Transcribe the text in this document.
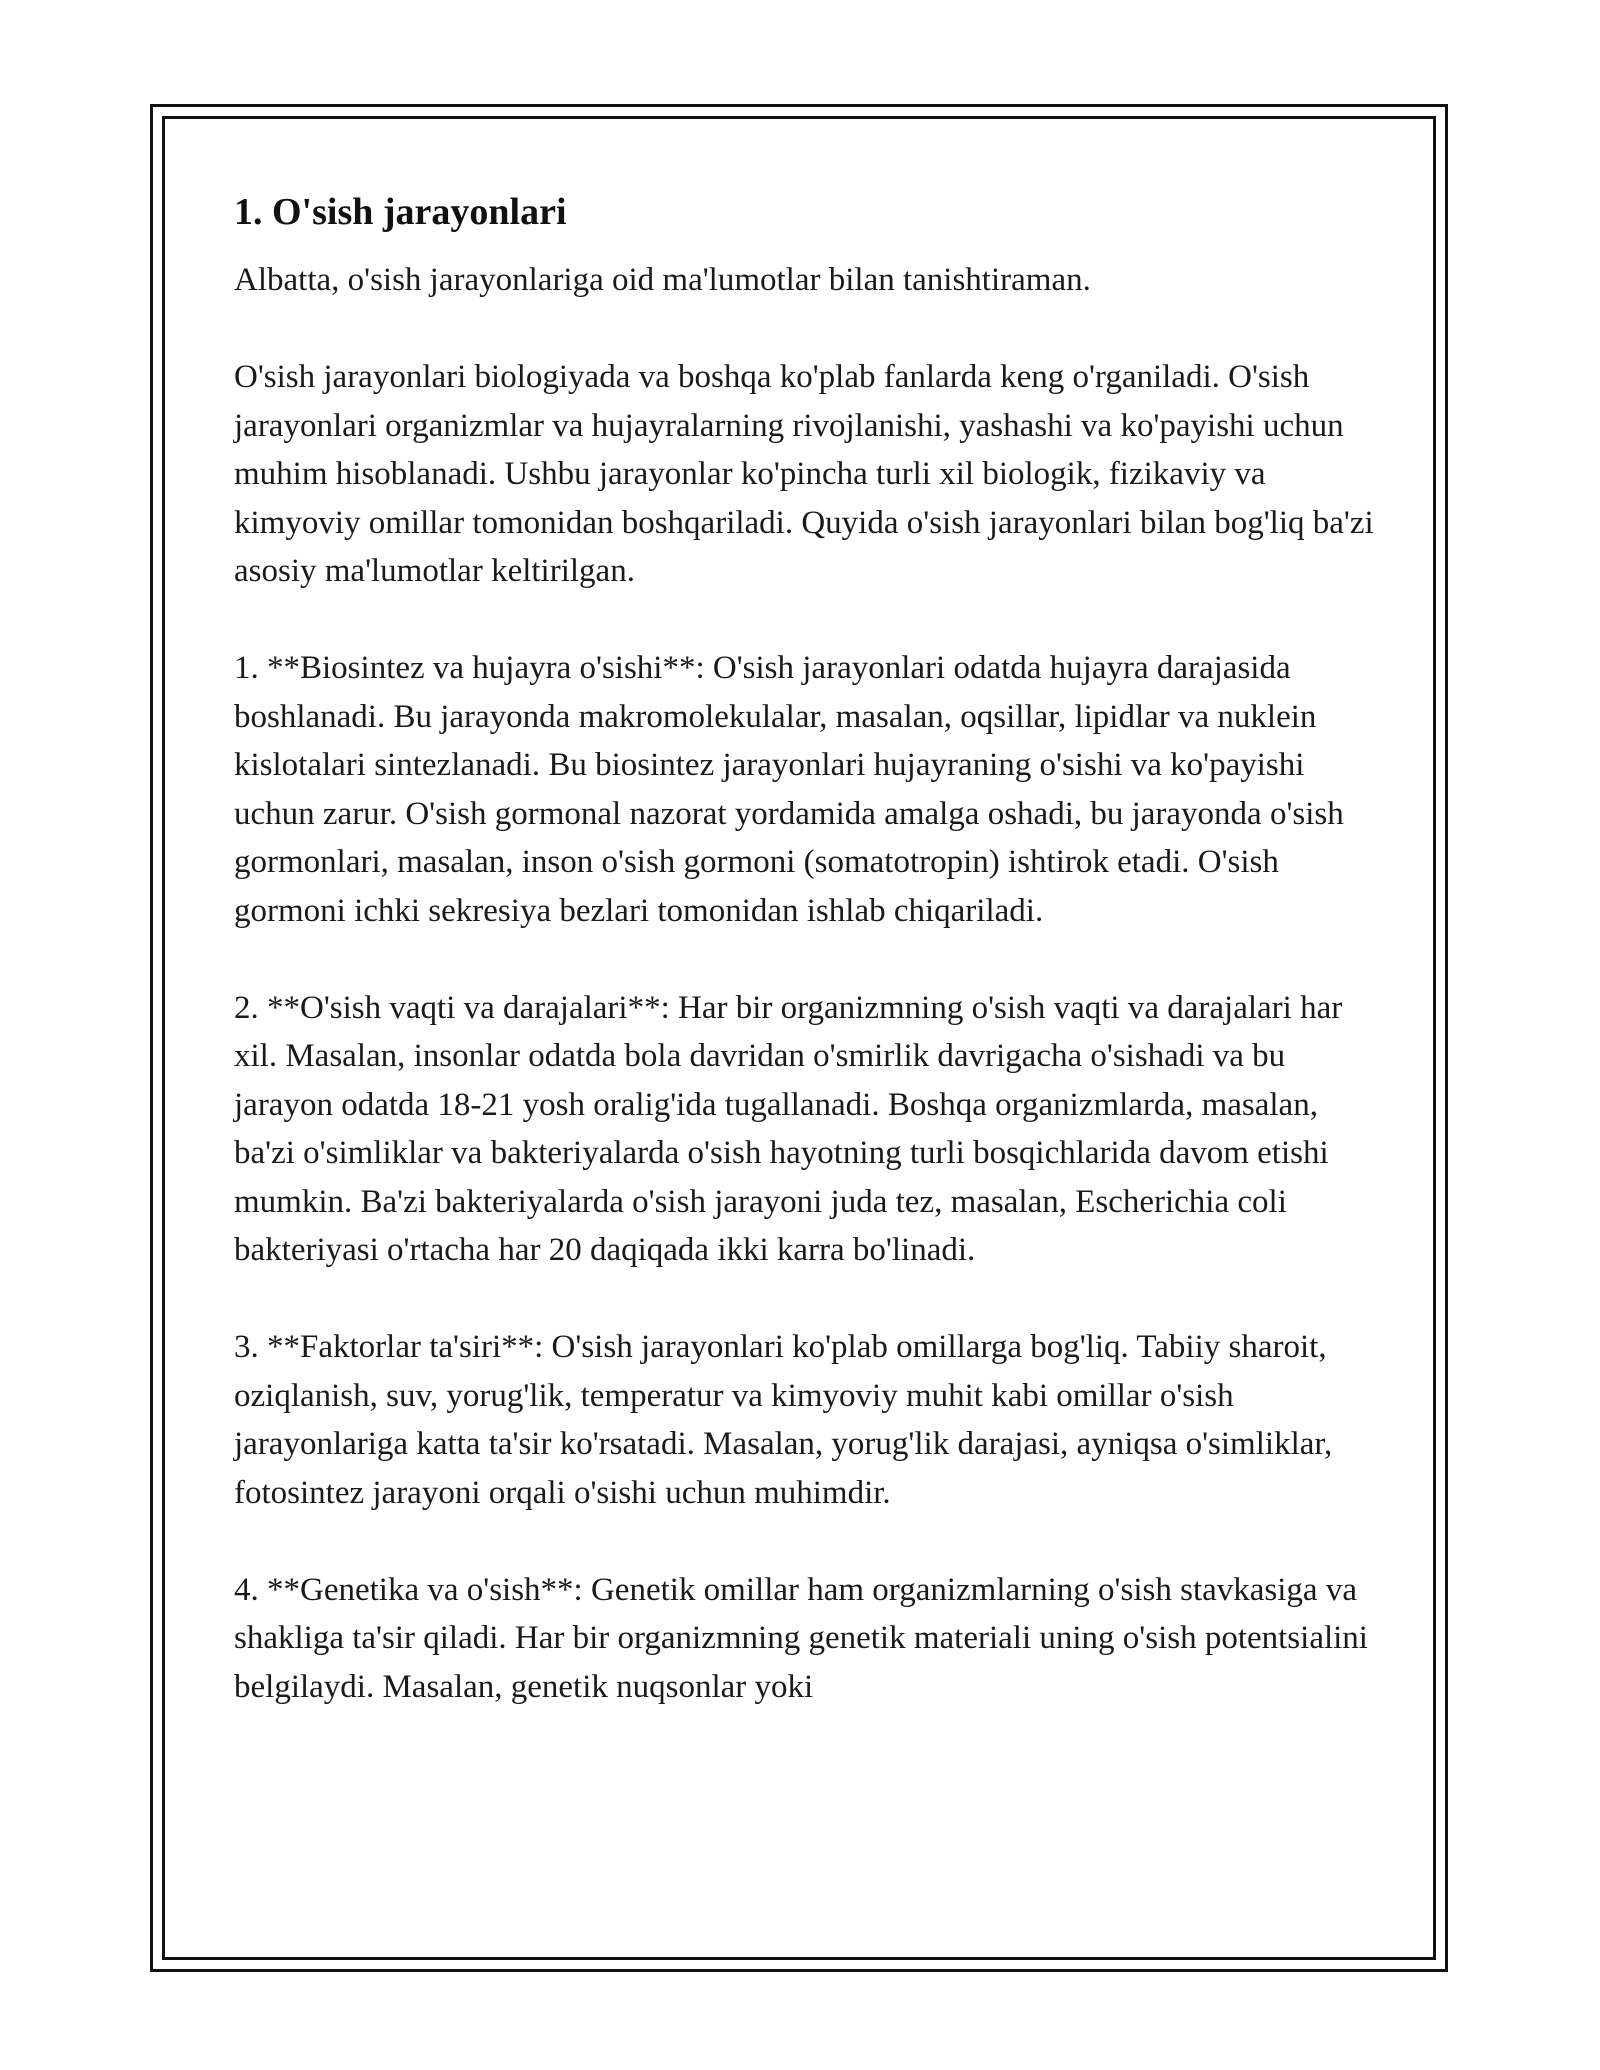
1. O'sish jarayonlari

Albatta, o'sish jarayonlariga oid ma'lumotlar bilan tanishtiraman.

O'sish jarayonlari biologiyada va boshqa ko'plab fanlarda keng o'rganiladi. O'sish jarayonlari organizmlar va hujayralarning rivojlanishi, yashashi va ko'payishi uchun muhim hisoblanadi. Ushbu jarayonlar ko'pincha turli xil biologik, fizikaviy va kimyoviy omillar tomonidan boshqariladi. Quyida o'sish jarayonlari bilan bog'liq ba'zi asosiy ma'lumotlar keltirilgan.

1. **Biosintez va hujayra o'sishi**: O'sish jarayonlari odatda hujayra darajasida boshlanadi. Bu jarayonda makromolekulalar, masalan, oqsillar, lipidlar va nuklein kislotalari sintezlanadi. Bu biosintez jarayonlari hujayraning o'sishi va ko'payishi uchun zarur. O'sish gormonal nazorat yordamida amalga oshadi, bu jarayonda o'sish gormonlari, masalan, inson o'sish gormoni (somatotropin) ishtirok etadi. O'sish gormoni ichki sekresiya bezlari tomonidan ishlab chiqariladi.

2. **O'sish vaqti va darajalari**: Har bir organizmning o'sish vaqti va darajalari har xil. Masalan, insonlar odatda bola davridan o'smirlik davrigacha o'sishadi va bu jarayon odatda 18-21 yosh oralig'ida tugallanadi. Boshqa organizmlarda, masalan, ba'zi o'simliklar va bakteriyalarda o'sish hayotning turli bosqichlarida davom etishi mumkin. Ba'zi bakteriyalarda o'sish jarayoni juda tez, masalan, Escherichia coli bakteriyasi o'rtacha har 20 daqiqada ikki karra bo'linadi.

3. **Faktorlar ta'siri**: O'sish jarayonlari ko'plab omillarga bog'liq. Tabiiy sharoit, oziqlanish, suv, yorug'lik, temperatur va kimyoviy muhit kabi omillar o'sish jarayonlariga katta ta'sir ko'rsatadi. Masalan, yorug'lik darajasi, ayniqsa o'simliklar, fotosintez jarayoni orqali o'sishi uchun muhimdir.

4. **Genetika va o'sish**: Genetik omillar ham organizmlarning o'sish stavkasiga va shakliga ta'sir qiladi. Har bir organizmning genetik materiali uning o'sish potentsialini belgilaydi. Masalan, genetik nuqsonlar yoki
